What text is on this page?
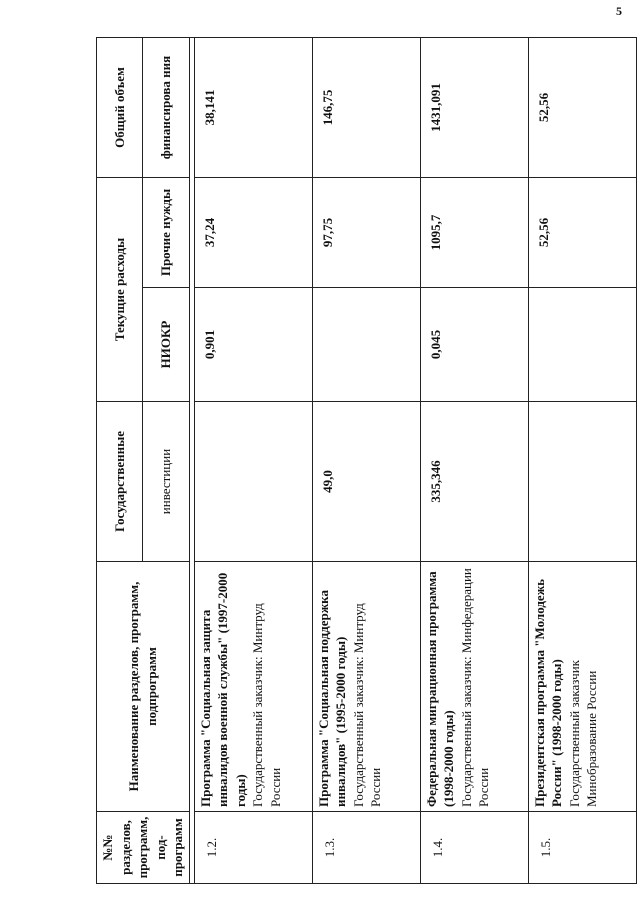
5
№№ разделов, программ, под-программ	Наименование разделов, программ, подпрограмм	Государственные	Текущие расходы		Общий объем
		инвестиции	НИОКР	Прочие нужды	финансирова ния

1.2.	Программа "Социальная защита инвалидов военной службы" (1997-2000 годы) Государственный заказчик: Минтруд России		0,901	37,24	38,141
1.3.	Программа "Социальная поддержка инвалидов" (1995-2000 годы) Государственный заказчик: Минтруд России	49,0		97,75	146,75
1.4.	Федеральная миграционная программа (1998-2000 годы) Государственный заказчик: Минфедерации России	335,346	0,045	1095,7	1431,091
1.5.	Президентская программа "Молодежь России" (1998-2000 годы) Государственный заказчик Минобразование России			52,56	52,56
